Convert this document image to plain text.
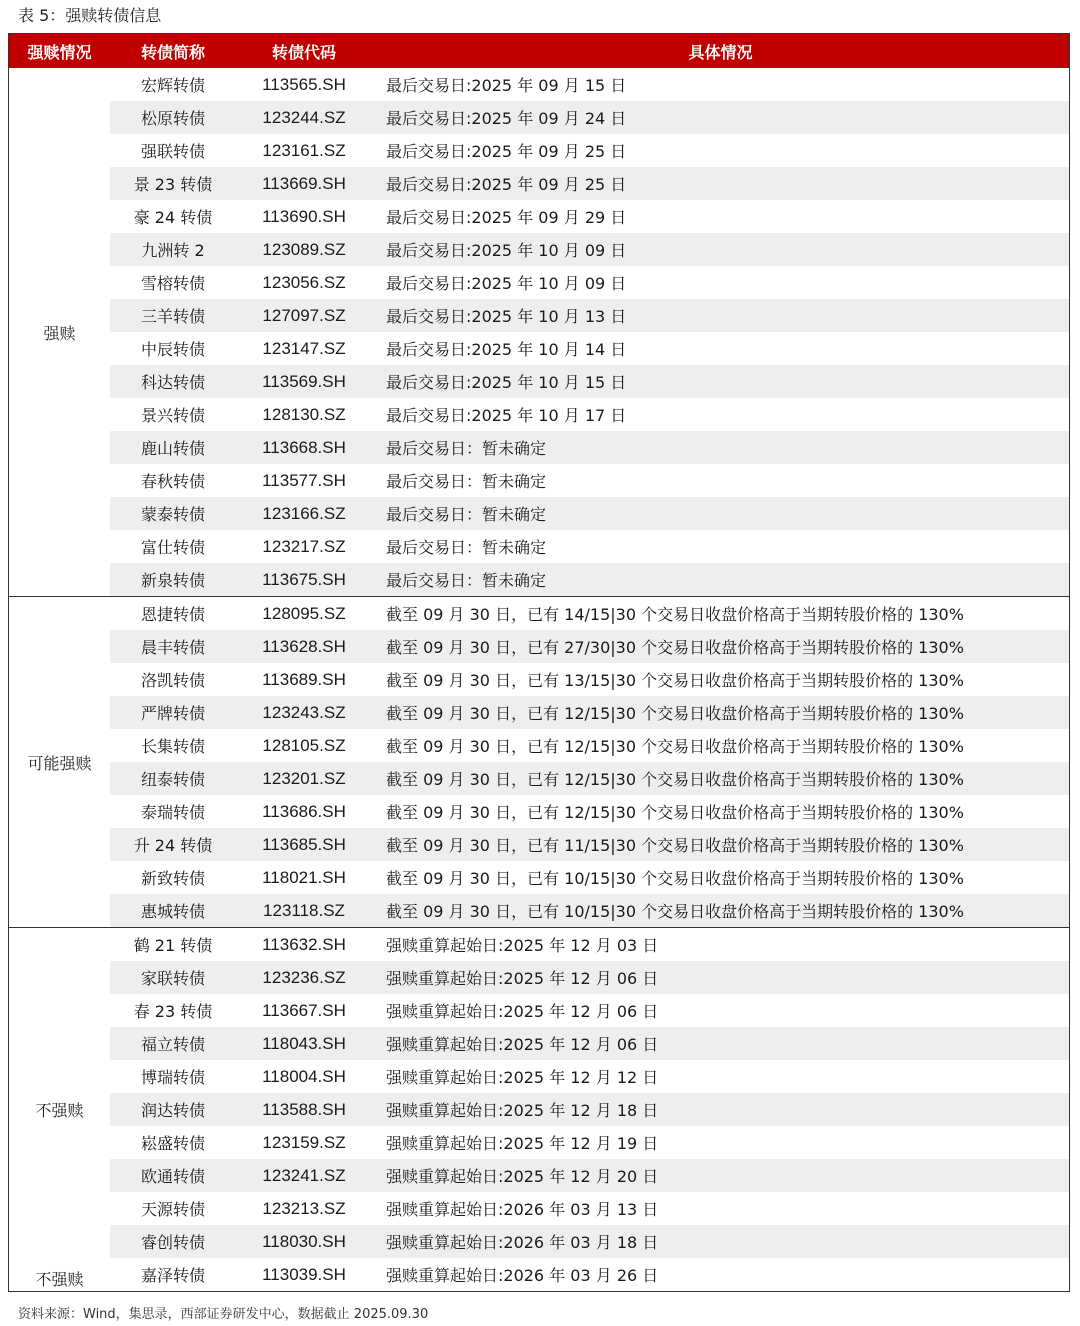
表 5：强赎转债信息
强赎情况	转债简称	转债代码	具体情况
强赎
宏辉转债	113565.SH	最后交易日:2025 年 09 月 15 日
松原转债	123244.SZ	最后交易日:2025 年 09 月 24 日
强联转债	123161.SZ	最后交易日:2025 年 09 月 25 日
景 23 转债	113669.SH	最后交易日:2025 年 09 月 25 日
豪 24 转债	113690.SH	最后交易日:2025 年 09 月 29 日
九洲转 2	123089.SZ	最后交易日:2025 年 10 月 09 日
雪榕转债	123056.SZ	最后交易日:2025 年 10 月 09 日
三羊转债	127097.SZ	最后交易日:2025 年 10 月 13 日
中辰转债	123147.SZ	最后交易日:2025 年 10 月 14 日
科达转债	113569.SH	最后交易日:2025 年 10 月 15 日
景兴转债	128130.SZ	最后交易日:2025 年 10 月 17 日
鹿山转债	113668.SH	最后交易日：暂未确定
春秋转债	113577.SH	最后交易日：暂未确定
蒙泰转债	123166.SZ	最后交易日：暂未确定
富仕转债	123217.SZ	最后交易日：暂未确定
新泉转债	113675.SH	最后交易日：暂未确定
可能强赎
恩捷转债	128095.SZ	截至 09 月 30 日，已有 14/15|30 个交易日收盘价格高于当期转股价格的 130%
晨丰转债	113628.SH	截至 09 月 30 日，已有 27/30|30 个交易日收盘价格高于当期转股价格的 130%
洛凯转债	113689.SH	截至 09 月 30 日，已有 13/15|30 个交易日收盘价格高于当期转股价格的 130%
严牌转债	123243.SZ	截至 09 月 30 日，已有 12/15|30 个交易日收盘价格高于当期转股价格的 130%
长集转债	128105.SZ	截至 09 月 30 日，已有 12/15|30 个交易日收盘价格高于当期转股价格的 130%
纽泰转债	123201.SZ	截至 09 月 30 日，已有 12/15|30 个交易日收盘价格高于当期转股价格的 130%
泰瑞转债	113686.SH	截至 09 月 30 日，已有 12/15|30 个交易日收盘价格高于当期转股价格的 130%
升 24 转债	113685.SH	截至 09 月 30 日，已有 11/15|30 个交易日收盘价格高于当期转股价格的 130%
新致转债	118021.SH	截至 09 月 30 日，已有 10/15|30 个交易日收盘价格高于当期转股价格的 130%
惠城转债	123118.SZ	截至 09 月 30 日，已有 10/15|30 个交易日收盘价格高于当期转股价格的 130%
不强赎
不强赎
鹤 21 转债	113632.SH	强赎重算起始日:2025 年 12 月 03 日
家联转债	123236.SZ	强赎重算起始日:2025 年 12 月 06 日
春 23 转债	113667.SH	强赎重算起始日:2025 年 12 月 06 日
福立转债	118043.SH	强赎重算起始日:2025 年 12 月 06 日
博瑞转债	118004.SH	强赎重算起始日:2025 年 12 月 12 日
润达转债	113588.SH	强赎重算起始日:2025 年 12 月 18 日
崧盛转债	123159.SZ	强赎重算起始日:2025 年 12 月 19 日
欧通转债	123241.SZ	强赎重算起始日:2025 年 12 月 20 日
天源转债	123213.SZ	强赎重算起始日:2026 年 03 月 13 日
睿创转债	118030.SH	强赎重算起始日:2026 年 03 月 18 日
嘉泽转债	113039.SH	强赎重算起始日:2026 年 03 月 26 日
资料来源：Wind，集思录，西部证券研发中心，数据截止 2025.09.30
